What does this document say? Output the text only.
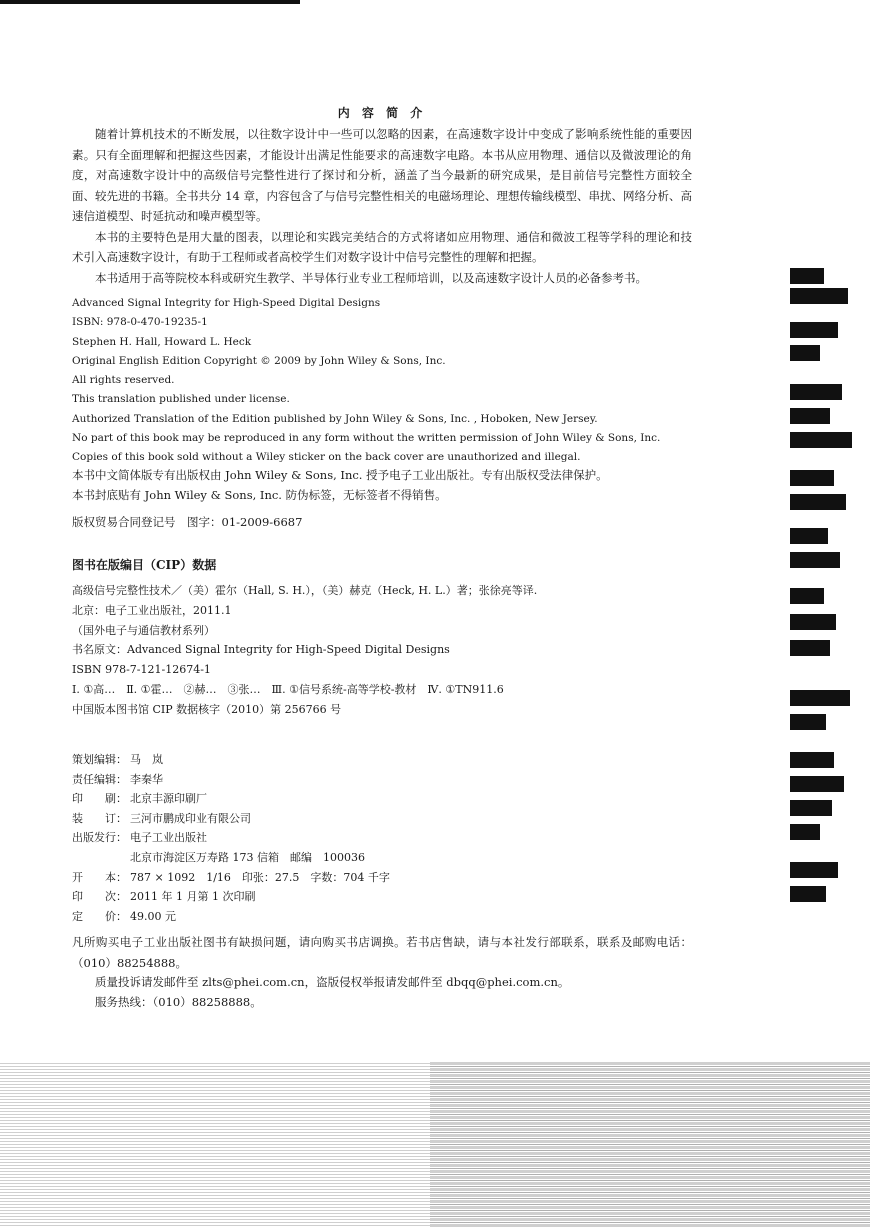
内 容 简 介

随着计算机技术的不断发展，以往数字设计中一些可以忽略的因素，在高速数字设计中变成了影响系统性能的重要因素。只有全面理解和把握这些因素，才能设计出满足性能要求的高速数字电路。本书从应用物理、通信以及微波理论的角度，对高速数字设计中的高级信号完整性进行了探讨和分析，涵盖了当今最新的研究成果，是目前信号完整性方面较全面、较先进的书籍。全书共分 14 章，内容包含了与信号完整性相关的电磁场理论、理想传输线模型、串扰、网络分析、高速信道模型、时延抗动和噪声模型等。

本书的主要特色是用大量的图表，以理论和实践完美结合的方式将诸如应用物理、通信和微波工程等学科的理论和技术引入高速数字设计，有助于工程师或者高校学生们对数字设计中信号完整性的理解和把握。

本书适用于高等院校本科或研究生教学、半导体行业专业工程师培训，以及高速数字设计人员的必备参考书。

Advanced Signal Integrity for High-Speed Digital Designs

ISBN: 978-0-470-19235-1

Stephen H. Hall, Howard L. Heck

Original English Edition Copyright © 2009 by John Wiley & Sons, Inc.

All rights reserved.

This translation published under license.

Authorized Translation of the Edition published by John Wiley & Sons, Inc. , Hoboken, New Jersey.

No part of this book may be reproduced in any form without the written permission of John Wiley & Sons, Inc.

Copies of this book sold without a Wiley sticker on the back cover are unauthorized and illegal.

本书中文简体版专有出版权由 John Wiley & Sons, Inc. 授予电子工业出版社。专有出版权受法律保护。

本书封底贴有 John Wiley & Sons, Inc. 防伪标签，无标签者不得销售。

版权贸易合同登记号　图字：01-2009-6687

图书在版编目（CIP）数据

高级信号完整性技术／（美）霍尔（Hall, S. H.），（美）赫克（Heck, H. L.）著；张徐亮等译.

北京：电子工业出版社，2011.1

（国外电子与通信教材系列）

书名原文：Advanced Signal Integrity for High-Speed Digital Designs

ISBN 978-7-121-12674-1

Ⅰ. ①高…　Ⅱ. ①霍…　②赫…　③张…　Ⅲ. ①信号系统-高等学校-教材　Ⅳ. ①TN911.6

中国版本图书馆 CIP 数据核字（2010）第 256766 号

策划编辑： 马　岚
责任编辑： 李秦华
印　　刷： 北京丰源印刷厂
装　　订： 三河市鹏成印业有限公司
出版发行： 电子工业出版社
北京市海淀区万寿路 173 信箱　邮编　100036
开　　本： 787 × 1092　1/16　印张：27.5　字数：704 千字
印　　次： 2011 年 1 月第 1 次印刷
定　　价： 49.00 元

凡所购买电子工业出版社图书有缺损问题，请向购买书店调换。若书店售缺，请与本社发行部联系，联系及邮购电话：（010）88254888。

质量投诉请发邮件至 zlts@phei.com.cn，盗版侵权举报请发邮件至 dbqq@phei.com.cn。

服务热线：（010）88258888。
